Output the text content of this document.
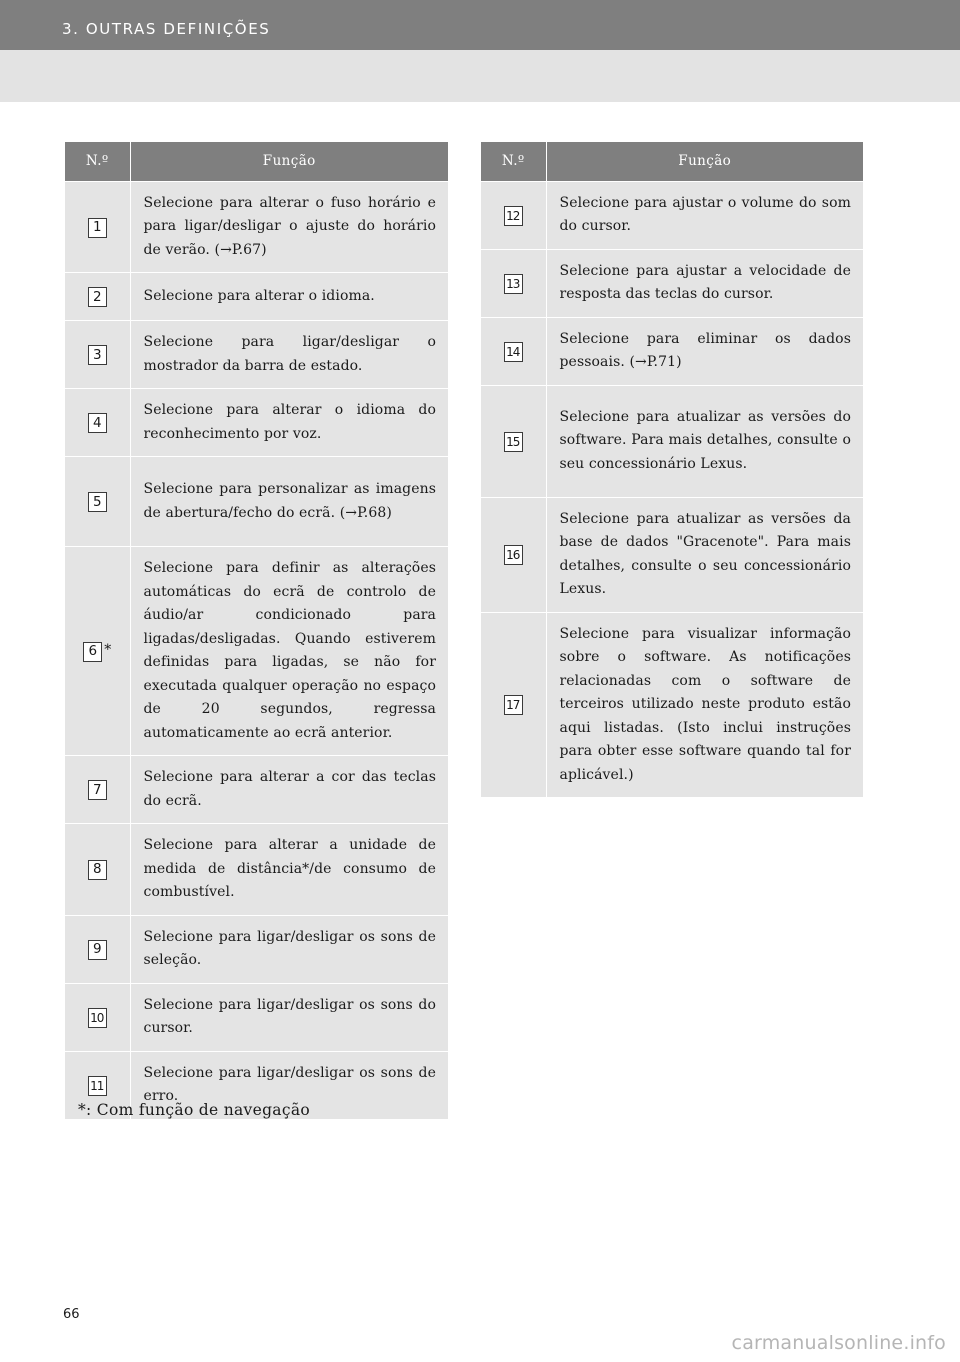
3. OUTRAS DEFINIÇÕES
N.º	Função

1	Selecione para alterar o fuso horário e para ligar/desligar o ajuste do horário de verão. (→P.67)

2	Selecione para alterar o idioma.

3	Selecione para ligar/desligar o mostrador da barra de estado.

4	Selecione para alterar o idioma do reconhecimento por voz.

5	Selecione para personalizar as imagens de abertura/fecho do ecrã. (→P.68)

6 *	Selecione para definir as alterações automáticas do ecrã de controlo de áudio/ar condicionado para ligadas/desligadas. Quando estiverem definidas para ligadas, se não for executada qualquer operação no espaço de 20 segundos, regressa automaticamente ao ecrã anterior.

7	Selecione para alterar a cor das teclas do ecrã.

8	Selecione para alterar a unidade de medida de distância*/de consumo de combustível.

9	Selecione para ligar/desligar os sons de seleção.

10	Selecione para ligar/desligar os sons do cursor.

11	Selecione para ligar/desligar os sons de erro.
N.º	Função

12	Selecione para ajustar o volume do som do cursor.

13	Selecione para ajustar a velocidade de resposta das teclas do cursor.

14	Selecione para eliminar os dados pessoais. (→P.71)

15	Selecione para atualizar as versões do software. Para mais detalhes, consulte o seu concessionário Lexus.

16	Selecione para atualizar as versões da base de dados "Gracenote". Para mais detalhes, consulte o seu concessionário Lexus.

17	Selecione para visualizar informação sobre o software. As notificações relacionadas com o software de terceiros utilizado neste produto estão aqui listadas. (Isto inclui instruções para obter esse software quando tal for aplicável.)
*: Com função de navegação
66
carmanualsonline.info
